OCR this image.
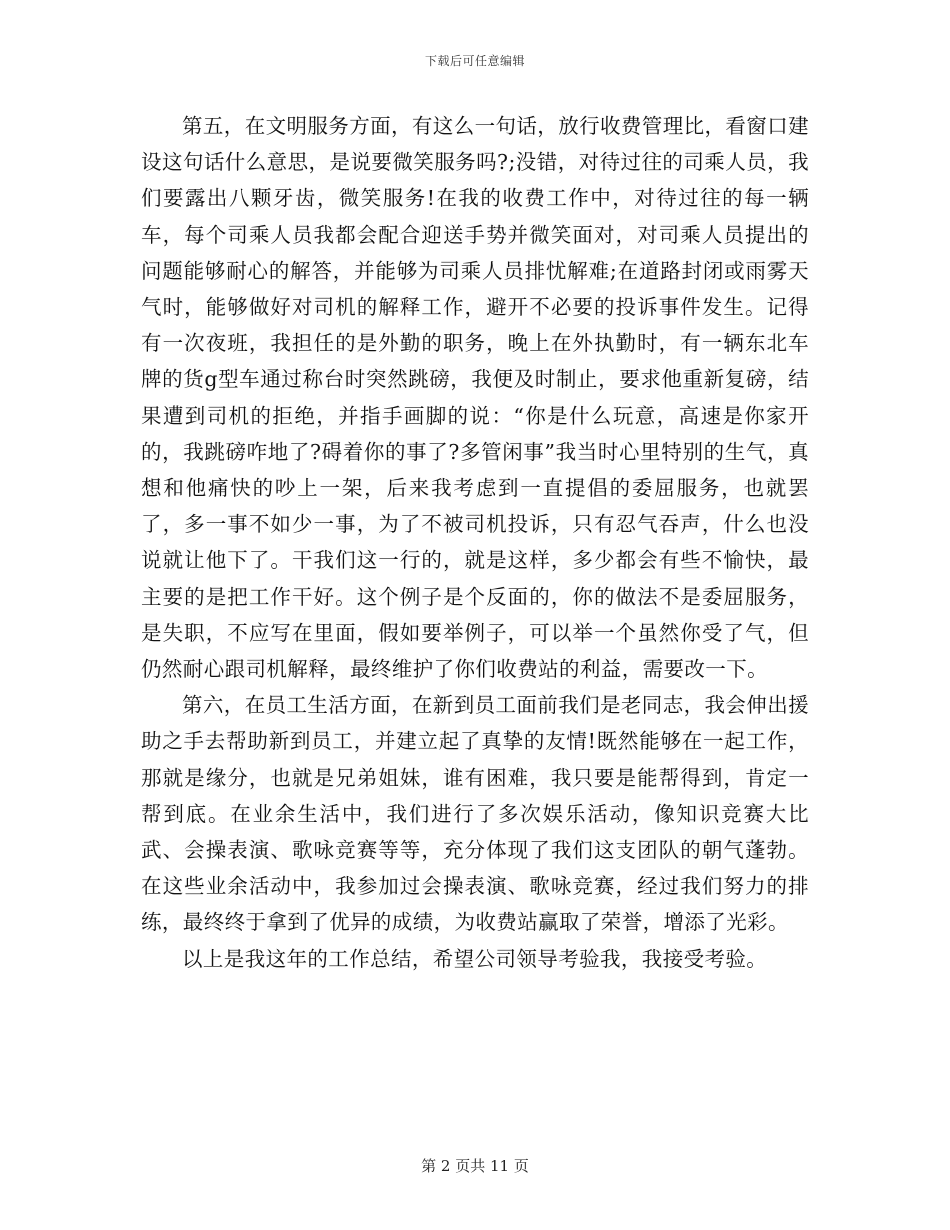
下载后可任意编辑

第五，在文明服务方面，有这么一句话，放行收费管理比，看窗口建设这句话什么意思，是说要微笑服务吗?;没错，对待过往的司乘人员，我们要露出八颗牙齿，微笑服务!在我的收费工作中，对待过往的每一辆车，每个司乘人员我都会配合迎送手势并微笑面对，对司乘人员提出的问题能够耐心的解答，并能够为司乘人员排忧解难;在道路封闭或雨雾天气时，能够做好对司机的解释工作，避开不必要的投诉事件发生。记得有一次夜班，我担任的是外勤的职务，晚上在外执勤时，有一辆东北车牌的货g型车通过称台时突然跳磅，我便及时制止，要求他重新复磅，结果遭到司机的拒绝，并指手画脚的说：“你是什么玩意，高速是你家开的，我跳磅咋地了?碍着你的事了?多管闲事”我当时心里特别的生气，真想和他痛快的吵上一架，后来我考虑到一直提倡的委屈服务，也就罢了，多一事不如少一事，为了不被司机投诉，只有忍气吞声，什么也没说就让他下了。干我们这一行的，就是这样，多少都会有些不愉快，最主要的是把工作干好。这个例子是个反面的，你的做法不是委屈服务，是失职，不应写在里面，假如要举例子，可以举一个虽然你受了气，但仍然耐心跟司机解释，最终维护了你们收费站的利益，需要改一下。

第六，在员工生活方面，在新到员工面前我们是老同志，我会伸出援助之手去帮助新到员工，并建立起了真挚的友情!既然能够在一起工作，那就是缘分，也就是兄弟姐妹，谁有困难，我只要是能帮得到，肯定一帮到底。在业余生活中，我们进行了多次娱乐活动，像知识竞赛大比武、会操表演、歌咏竞赛等等，充分体现了我们这支团队的朝气蓬勃。在这些业余活动中，我参加过会操表演、歌咏竞赛，经过我们努力的排练，最终终于拿到了优异的成绩，为收费站赢取了荣誉，增添了光彩。

以上是我这年的工作总结，希望公司领导考验我，我接受考验。

第 2 页共 11 页
